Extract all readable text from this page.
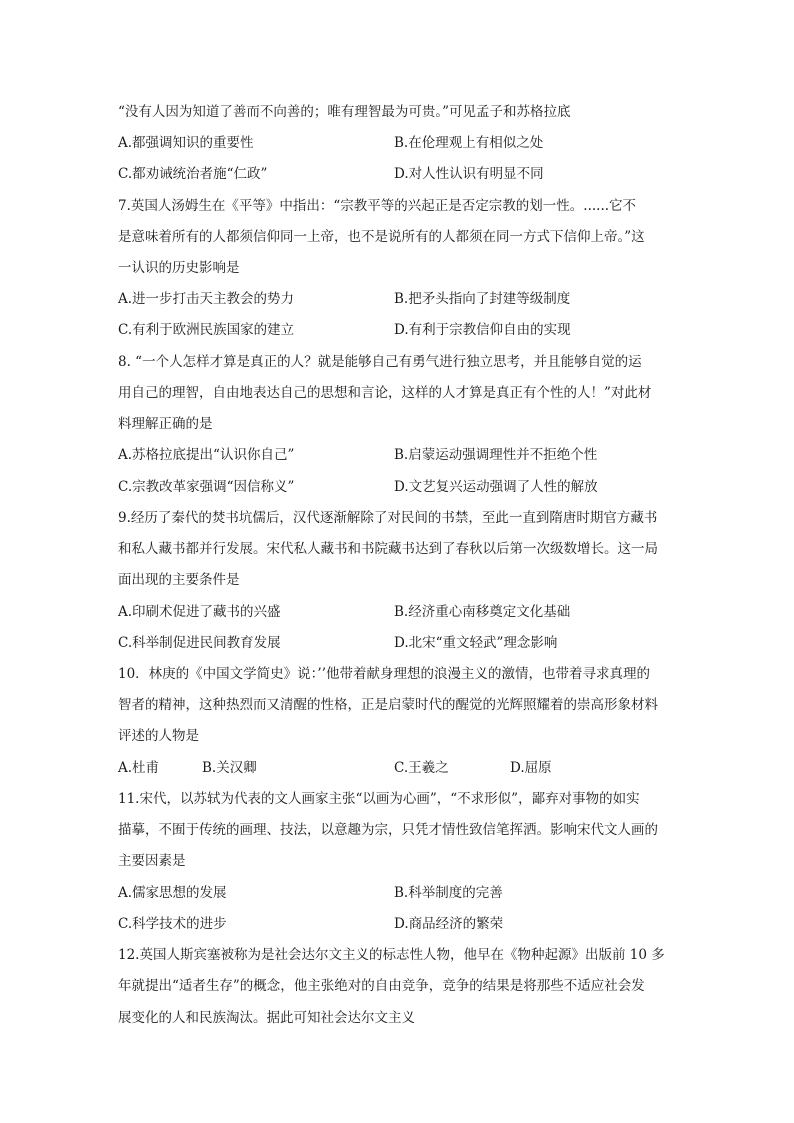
“没有人因为知道了善而不向善的；唯有理智最为可贵。”可见孟子和苏格拉底
A.都强调知识的重要性	B.在伦理观上有相似之处
C.都劝诫统治者施“仁政”	D.对人性认识有明显不同
7.英国人汤姆生在《平等》中指出：“宗教平等的兴起正是否定宗教的划一性。......它不
是意味着所有的人都须信仰同一上帝，也不是说所有的人都须在同一方式下信仰上帝。”这
一认识的历史影响是
A.进一步打击天主教会的势力	B.把矛头指向了封建等级制度
C.有利于欧洲民族国家的建立	D.有利于宗教信仰自由的实现
8. “一个人怎样才算是真正的人？就是能够自己有勇气进行独立思考，并且能够自觉的运
用自己的理智，自由地表达自己的思想和言论，这样的人才算是真正有个性的人！”对此材
料理解正确的是
A.苏格拉底提出“认识你自己”	B.启蒙运动强调理性并不拒绝个性
C.宗教改革家强调“因信称义”	D.文艺复兴运动强调了人性的解放
9.经历了秦代的焚书坑儒后，汉代逐渐解除了对民间的书禁，至此一直到隋唐时期官方藏书
和私人藏书都并行发展。宋代私人藏书和书院藏书达到了春秋以后第一次级数增长。这一局
面出现的主要条件是
A.印刷术促进了藏书的兴盛	B.经济重心南移奠定文化基础
C.科举制促进民间教育发展	D.北宋“重文轻武”理念影响
10．林庚的《中国文学简史》说：’’他带着献身理想的浪漫主义的激情，也带着寻求真理的
智者的精神，这种热烈而又清醒的性格，正是启蒙时代的醒觉的光辉照耀着的崇高形象材料
评述的人物是
A.杜甫	B.关汉卿	C.王羲之	D.屈原
11.宋代，以苏轼为代表的文人画家主张“以画为心画”，“不求形似”，鄙弃对事物的如实
描摹，不囿于传统的画理、技法，以意趣为宗，只凭才情性致信笔挥洒。影响宋代文人画的
主要因素是
A.儒家思想的发展	B.科举制度的完善
C.科学技术的进步	D.商品经济的繁荣
12.英国人斯宾塞被称为是社会达尔文主义的标志性人物，他早在《物种起源》出版前 10 多
年就提出“适者生存”的概念，他主张绝对的自由竞争，竞争的结果是将那些不适应社会发
展变化的人和民族淘汰。据此可知社会达尔文主义
